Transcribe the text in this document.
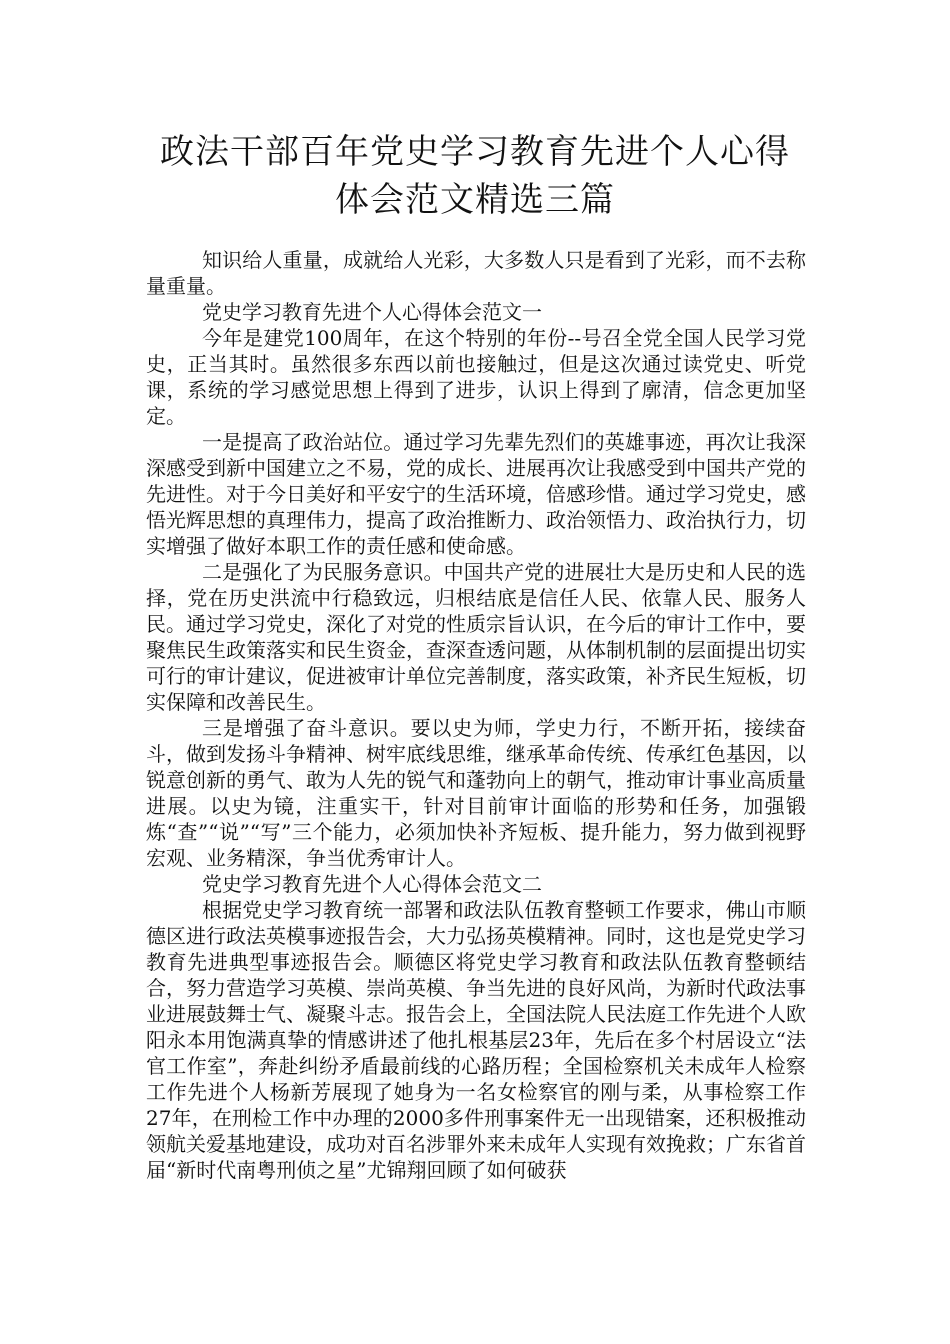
政法干部百年党史学习教育先进个人心得
体会范文精选三篇

知识给人重量，成就给人光彩，大多数人只是看到了光彩，而不去称量重量。

党史学习教育先进个人心得体会范文一

今年是建党100周年，在这个特别的年份--号召全党全国人民学习党史，正当其时。虽然很多东西以前也接触过，但是这次通过读党史、听党课，系统的学习感觉思想上得到了进步，认识上得到了廓清，信念更加坚定。

一是提高了政治站位。通过学习先辈先烈们的英雄事迹，再次让我深深感受到新中国建立之不易，党的成长、进展再次让我感受到中国共产党的先进性。对于今日美好和平安宁的生活环境，倍感珍惜。通过学习党史，感悟光辉思想的真理伟力，提高了政治推断力、政治领悟力、政治执行力，切实增强了做好本职工作的责任感和使命感。

二是强化了为民服务意识。中国共产党的进展壮大是历史和人民的选择，党在历史洪流中行稳致远，归根结底是信任人民、依靠人民、服务人民。通过学习党史，深化了对党的性质宗旨认识，在今后的审计工作中，要聚焦民生政策落实和民生资金，查深查透问题，从体制机制的层面提出切实可行的审计建议，促进被审计单位完善制度，落实政策，补齐民生短板，切实保障和改善民生。

三是增强了奋斗意识。要以史为师，学史力行，不断开拓，接续奋斗，做到发扬斗争精神、树牢底线思维，继承革命传统、传承红色基因，以锐意创新的勇气、敢为人先的锐气和蓬勃向上的朝气，推动审计事业高质量进展。以史为镜，注重实干，针对目前审计面临的形势和任务，加强锻炼“查”“说”“写”三个能力，必须加快补齐短板、提升能力，努力做到视野宏观、业务精深，争当优秀审计人。

党史学习教育先进个人心得体会范文二

根据党史学习教育统一部署和政法队伍教育整顿工作要求，佛山市顺德区进行政法英模事迹报告会，大力弘扬英模精神。同时，这也是党史学习教育先进典型事迹报告会。顺德区将党史学习教育和政法队伍教育整顿结合，努力营造学习英模、崇尚英模、争当先进的良好风尚，为新时代政法事业进展鼓舞士气、凝聚斗志。报告会上，全国法院人民法庭工作先进个人欧阳永本用饱满真挚的情感讲述了他扎根基层23年，先后在多个村居设立“法官工作室”，奔赴纠纷矛盾最前线的心路历程；全国检察机关未成年人检察工作先进个人杨新芳展现了她身为一名女检察官的刚与柔，从事检察工作27年，在刑检工作中办理的2000多件刑事案件无一出现错案，还积极推动领航关爱基地建设，成功对百名涉罪外来未成年人实现有效挽救；广东省首届“新时代南粤刑侦之星”尤锦翔回顾了如何破获
